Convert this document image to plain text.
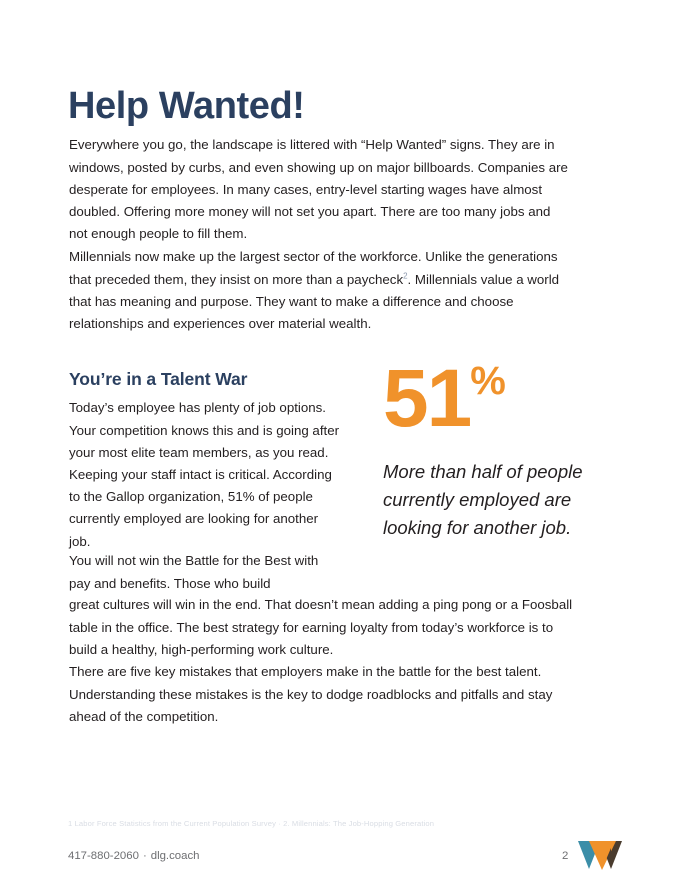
Help Wanted!

Everywhere you go, the landscape is littered with “Help Wanted” signs. They are in windows, posted by curbs, and even showing up on major billboards. Companies are desperate for employees. In many cases, entry-level starting wages have almost doubled. Offering more money will not set you apart. There are too many jobs and not enough people to fill them.

Millennials now make up the largest sector of the workforce. Unlike the generations that preceded them, they insist on more than a paycheck$^2$. Millennials value a world that has meaning and purpose. They want to make a difference and choose relationships and experiences over material wealth.

You’re in a Talent War

Today’s employee has plenty of job options. Your competition knows this and is going after your most elite team members, as you read. Keeping your staff intact is critical. According to the Gallop organization, 51% of people currently employed are looking for another job.

51%
More than half of people currently employed are looking for another job.

You will not win the Battle for the Best with pay and benefits. Those who build

great cultures will win in the end. That doesn’t mean adding a ping pong or a Foosball table in the office. The best strategy for earning loyalty from today’s workforce is to build a healthy, high-performing work culture.

There are five key mistakes that employers make in the battle for the best talent. Understanding these mistakes is the key to dodge roadblocks and pitfalls and stay ahead of the competition.

1 Labor Force Statistics from the Current Population Survey · 2. Millennials: The Job-Hopping Generation
417-880-2060 · dlg.coach	2
